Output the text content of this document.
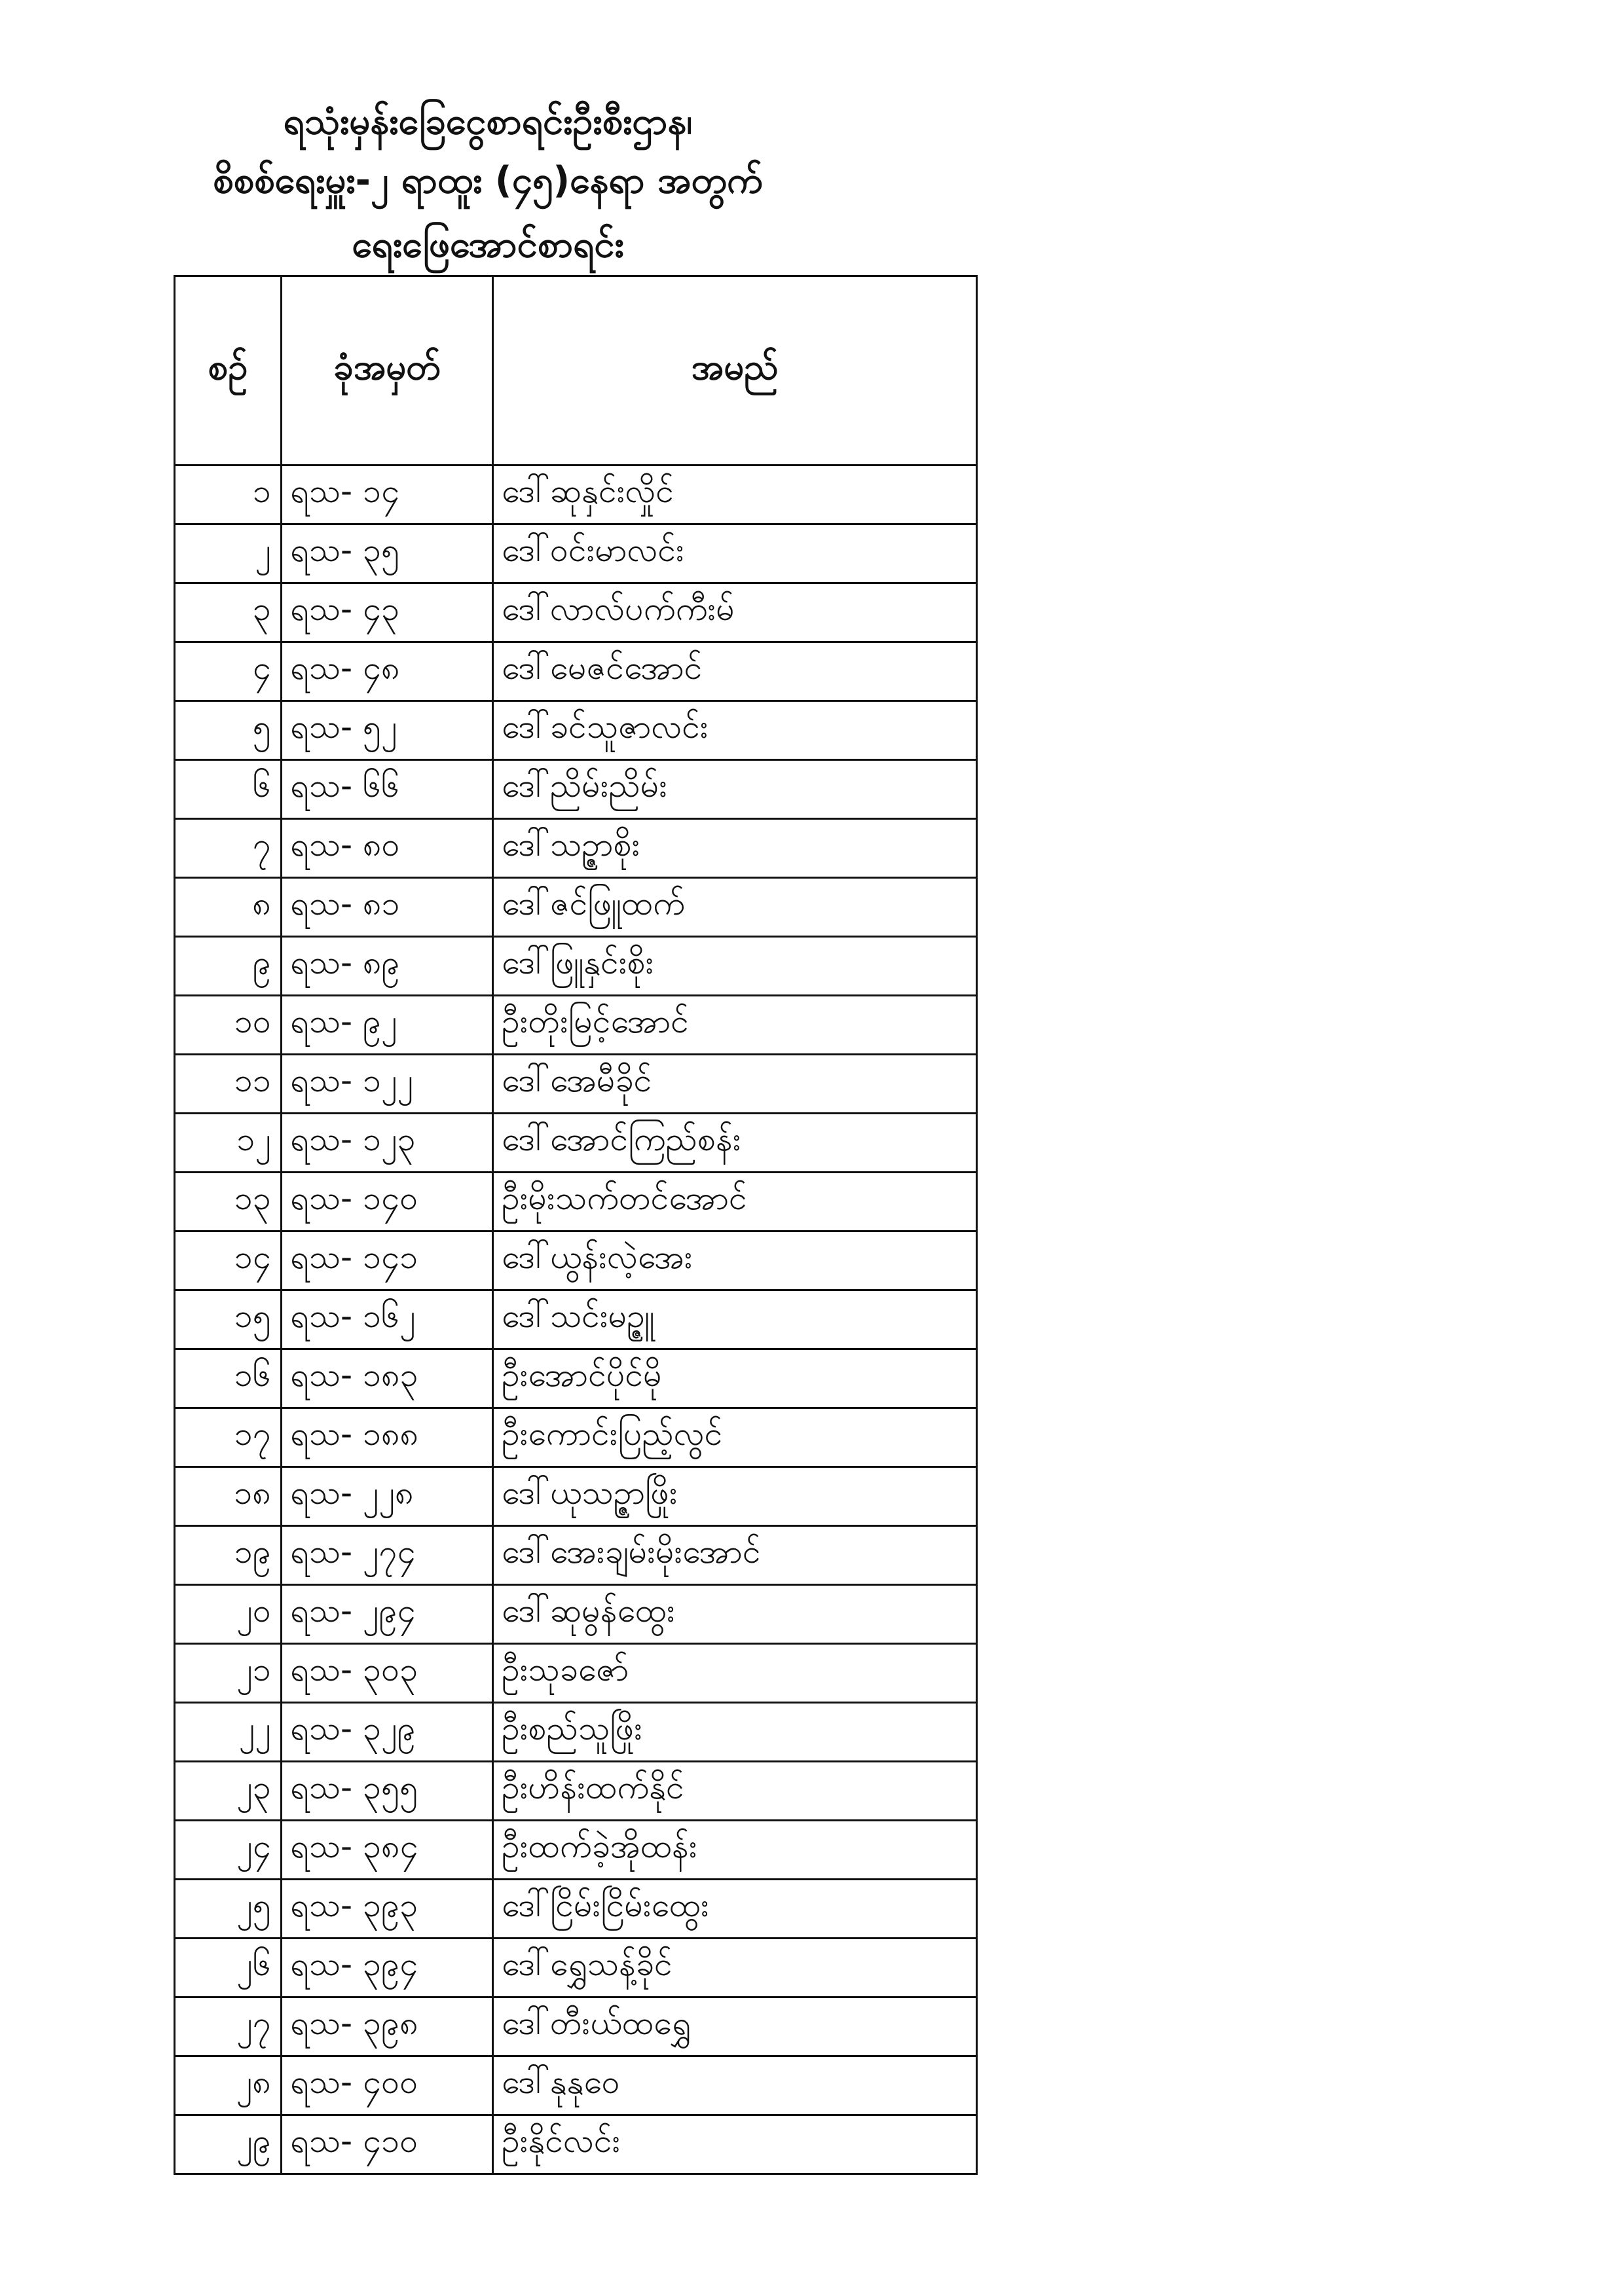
ရသုံးမှန်းခြေငွေစာရင်းဦးစီးဌာန၊
စိစစ်ရေးမှူး-၂ ရာထူး (၄၅)နေရာ အတွက်
ရေးဖြေအောင်စာရင်း
စဉ်	ခုံအမှတ်	အမည်
၁	ရသ- ၁၄	ဒေါ်ဆုနှင်းလှိုင်
၂	ရသ- ၃၅	ဒေါ်ဝင်းမာလင်း
၃	ရသ- ၄၃	ဒေါ်လာလ်ပက်ကီးမ်
၄	ရသ- ၄၈	ဒေါ်မေဇင်အောင်
၅	ရသ- ၅၂	ဒေါ်ခင်သူဇာလင်း
၆	ရသ- ၆၆	ဒေါ်ညိမ်းညိမ်း
၇	ရသ- ၈၀	ဒေါ်သဉ္ဇာစိုး
၈	ရသ- ၈၁	ဒေါ်ဇင်ဖြူထက်
၉	ရသ- ၈၉	ဒေါ်ဖြူနှင်းစိုး
၁၀	ရသ- ၉၂	ဦးတိုးမြင့်အောင်
၁၁	ရသ- ၁၂၂	ဒေါ်အေမီခိုင်
၁၂	ရသ- ၁၂၃	ဒေါ်အောင်ကြည်စန်း
၁၃	ရသ- ၁၄၀	ဦးမိုးသက်တင်အောင်
၁၄	ရသ- ၁၄၁	ဒေါ်ယွန်းလဲ့အေး
၁၅	ရသ- ၁၆၂	ဒေါ်သင်းမဥ္ဇူ
၁၆	ရသ- ၁၈၃	ဦးအောင်ပိုင်မို
၁၇	ရသ- ၁၈၈	ဦးကောင်းပြည့်လွင်
၁၈	ရသ- ၂၂၈	ဒေါ်ယုသဉ္ဇာဖြိုး
၁၉	ရသ- ၂၇၄	ဒေါ်အေးချမ်းမိုးအောင်
၂၀	ရသ- ၂၉၄	ဒေါ်ဆုမွန်ထွေး
၂၁	ရသ- ၃၀၃	ဦးသုခဇော်
၂၂	ရသ- ၃၂၉	ဦးစည်သူဖြိုး
၂၃	ရသ- ၃၅၅	ဦးဟိန်းထက်နိုင်
၂၄	ရသ- ၃၈၄	ဦးထက်ခဲ့အိုထန်း
၂၅	ရသ- ၃၉၃	ဒေါ်ငြိမ်းငြိမ်းထွေး
၂၆	ရသ- ၃၉၄	ဒေါ်ရွှေသန့်ခိုင်
၂၇	ရသ- ၃၉၈	ဒေါ်တီးယ်ထရွှေ
၂၈	ရသ- ၄၀၀	ဒေါ်နုနုဝေ
၂၉	ရသ- ၄၁၀	ဦးနိုင်လင်း
